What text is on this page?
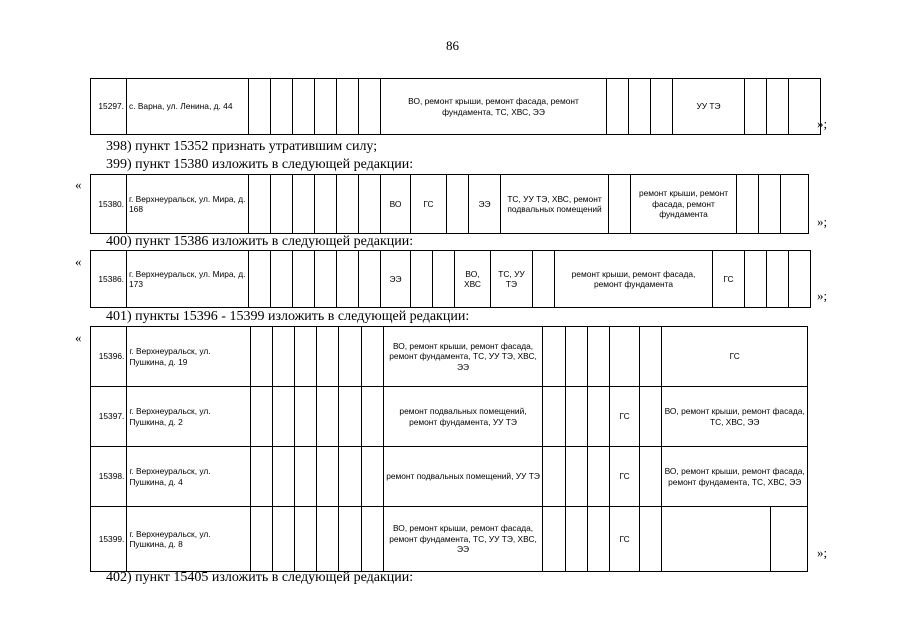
86
15297.	с. Варна, ул. Ленина, д. 44							ВО, ремонт крыши, ремонт фасада, ремонт фундамента, ТС, ХВС, ЭЭ				УУ ТЭ			
»;
398) пункт 15352 признать утратившим силу;
399) пункт 15380 изложить в следующей редакции:
«
15380.	г. Верхнеуральск, ул. Мира, д. 168							ВО	ГС		ЭЭ	ТС, УУ ТЭ, ХВС, ремонт подвальных помещений		ремонт крыши, ремонт фасада, ремонт фундамента				»;
400) пункт 15386 изложить в следующей редакции:
«
15386.	г. Верхнеуральск, ул. Мира, д. 173							ЭЭ			ВО, ХВС	ТС, УУ ТЭ		ремонт крыши, ремонт фасада, ремонт фундамента	ГС			
»;
401) пункты 15396 - 15399 изложить в следующей редакции:
«
15396.	г. Верхнеуральск, ул. Пушкина, д. 19							ВО, ремонт крыши, ремонт фасада, ремонт фундамента, ТС, УУ ТЭ, ХВС, ЭЭ						ГС	
15397.	г. Верхнеуральск, ул. Пушкина, д. 2							ремонт подвальных помещений, ремонт фундамента, УУ ТЭ				ГС		ВО, ремонт крыши, ремонт фасада, ТС, ХВС, ЭЭ	
15398.	г. Верхнеуральск, ул. Пушкина, д. 4							ремонт подвальных помещений, УУ ТЭ				ГС		ВО, ремонт крыши, ремонт фасада, ремонт фундамента, ТС, ХВС, ЭЭ	
15399.	г. Верхнеуральск, ул. Пушкина, д. 8							ВО, ремонт крыши, ремонт фасада, ремонт фундамента, ТС, УУ ТЭ, ХВС, ЭЭ				ГС			
»;
402) пункт 15405 изложить в следующей редакции:
